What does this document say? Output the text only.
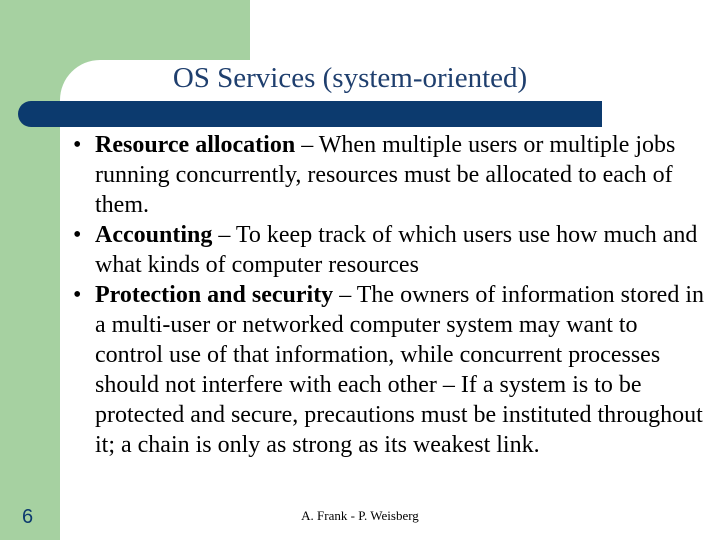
OS Services (system-oriented)
• Resource allocation – When multiple users or multiple jobs running concurrently, resources must be allocated to each of them.
• Accounting – To keep track of which users use how much and what kinds of computer resources
• Protection and security – The owners of information stored in a multi-user or networked computer system may want to control use of that information, while concurrent processes should not interfere with each other – If a system is to be protected and secure, precautions must be instituted throughout it; a chain is only as strong as its weakest link.
6	A. Frank - P. Weisberg
